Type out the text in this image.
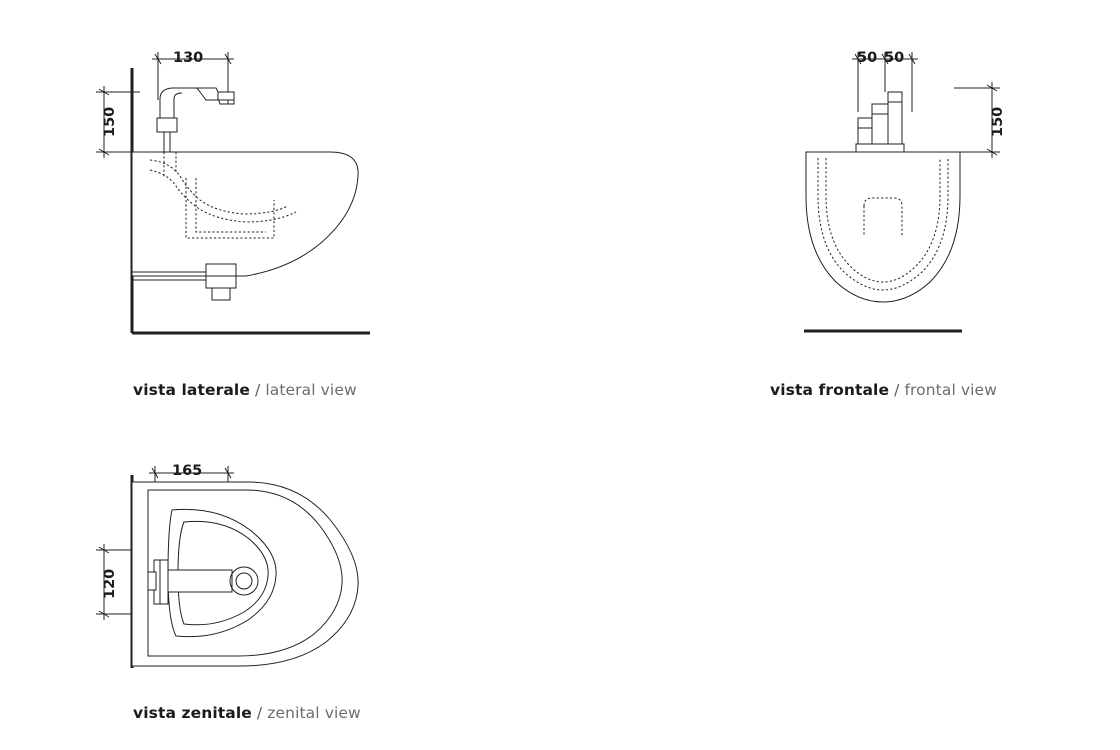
130
150
vista laterale / lateral view
50 50
150
vista frontale / frontal view
165
120
vista zenitale / zenital view
